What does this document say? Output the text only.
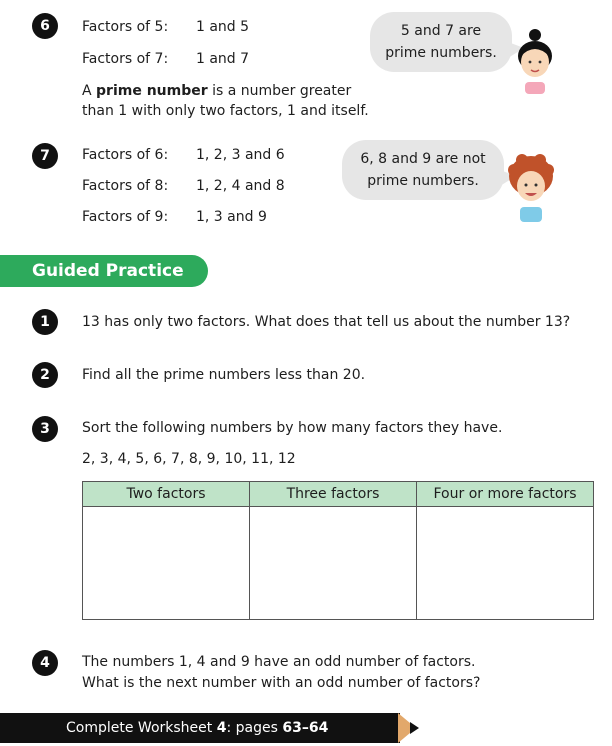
6	Factors of 5: 1 and 5
Factors of 7: 1 and 7
A prime number is a number greater
than 1 with only two factors, 1 and itself.
5 and 7 are
prime numbers.
7	Factors of 6: 1, 2, 3 and 6
Factors of 8: 1, 2, 4 and 8
Factors of 9: 1, 3 and 9
6, 8 and 9 are not
prime numbers.
Guided Practice
1	13 has only two factors. What does that tell us about the number 13?
2	Find all the prime numbers less than 20.
3	Sort the following numbers by how many factors they have.
2, 3, 4, 5, 6, 7, 8, 9, 10, 11, 12
Two factors	Three factors	Four or more factors

4	The numbers 1, 4 and 9 have an odd number of factors.
What is the next number with an odd number of factors?
Complete Worksheet 4: pages 63–64
